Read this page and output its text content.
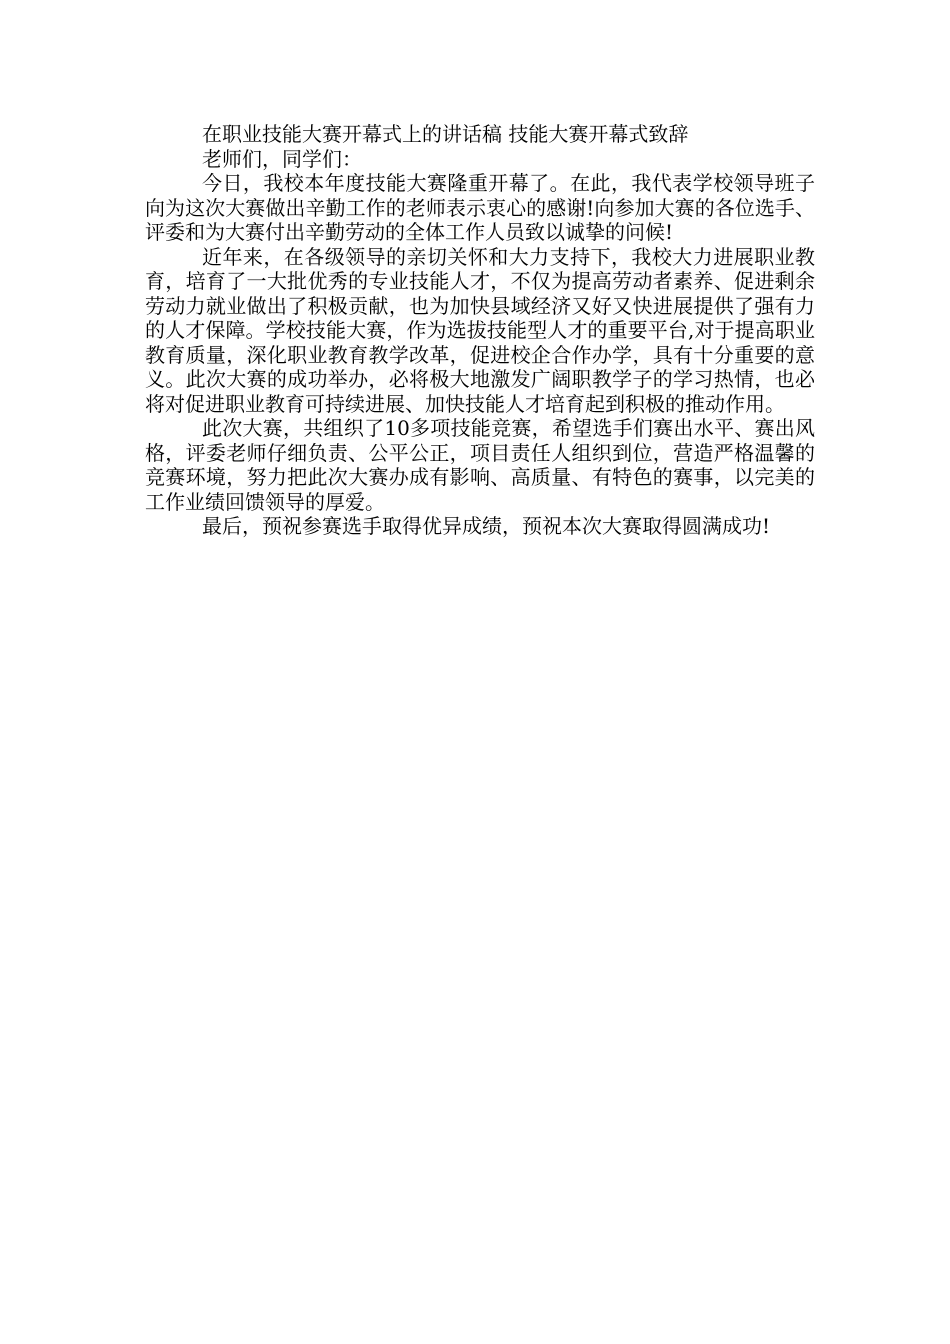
在职业技能大赛开幕式上的讲话稿 技能大赛开幕式致辞

老师们，同学们：

今日，我校本年度技能大赛隆重开幕了。在此，我代表学校领导班子向为这次大赛做出辛勤工作的老师表示衷心的感谢!向参加大赛的各位选手、评委和为大赛付出辛勤劳动的全体工作人员致以诚挚的问候!

近年来，在各级领导的亲切关怀和大力支持下，我校大力进展职业教育，培育了一大批优秀的专业技能人才，不仅为提高劳动者素养、促进剩余劳动力就业做出了积极贡献，也为加快县域经济又好又快进展提供了强有力的人才保障。学校技能大赛，作为选拔技能型人才的重要平台,对于提高职业教育质量，深化职业教育教学改革，促进校企合作办学，具有十分重要的意义。此次大赛的成功举办，必将极大地激发广阔职教学子的学习热情，也必将对促进职业教育可持续进展、加快技能人才培育起到积极的推动作用。

此次大赛，共组织了10多项技能竞赛，希望选手们赛出水平、赛出风格，评委老师仔细负责、公平公正，项目责任人组织到位，营造严格温馨的竞赛环境，努力把此次大赛办成有影响、高质量、有特色的赛事，以完美的工作业绩回馈领导的厚爱。

最后，预祝参赛选手取得优异成绩，预祝本次大赛取得圆满成功!
